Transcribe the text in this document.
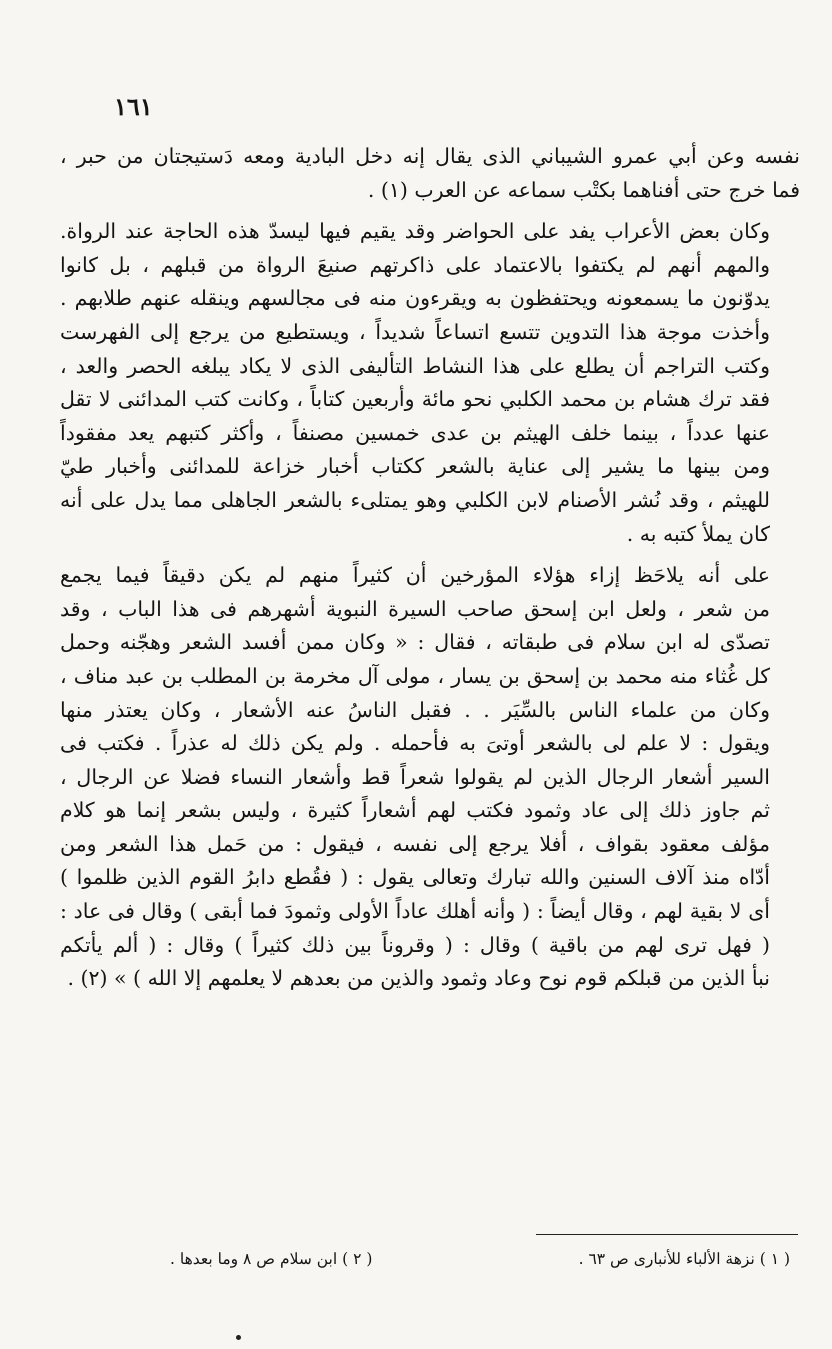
١٦١
نفسه وعن أبي عمرو الشيباني الذى يقال إنه دخل البادية ومعه دَستيجتان من حبر ،
فما خرج حتى أفناهما بكتْب سماعه عن العرب (١) .
وكان بعض الأعراب يفد على الحواضر وقد يقيم فيها ليسدّ هذه الحاجة عند الرواة.
والمهم أنهم لم يكتفوا بالاعتماد على ذاكرتهم صنيعَ الرواة من قبلهم ، بل كانوا
يدوّنون ما يسمعونه ويحتفظون به ويقرءون منه فى مجالسهم وينقله عنهم طلابهم .
وأخذت موجة هذا التدوين تتسع اتساعاً شديداً ، ويستطيع من يرجع إلى الفهرست
وكتب التراجم أن يطلع على هذا النشاط التأليفى الذى لا يكاد يبلغه الحصر والعد ،
فقد ترك هشام بن محمد الكلبي نحو مائة وأربعين كتاباً ، وكانت كتب المدائنى لا تقل
عنها عدداً ، بينما خلف الهيثم بن عدى خمسين مصنفاً ، وأكثر كتبهم يعد مفقوداً
ومن بينها ما يشير إلى عناية بالشعر ككتاب أخبار خزاعة للمدائنى وأخبار طيّ
للهيثم ، وقد نُشر الأصنام لابن الكلبي وهو يمتلىء بالشعر الجاهلى مما يدل على أنه
كان يملأ كتبه به .
على أنه يلاحَظ إزاء هؤلاء المؤرخين أن كثيراً منهم لم يكن دقيقاً فيما يجمع
من شعر ، ولعل ابن إسحق صاحب السيرة النبوية أشهرهم فى هذا الباب ، وقد
تصدّى له ابن سلام فى طبقاته ، فقال : « وكان ممن أفسد الشعر وهجّنه وحمل
كل غُثاء منه محمد بن إسحق بن يسار ، مولى آل مخرمة بن المطلب بن عبد مناف ،
وكان من علماء الناس بالسِّيَر . . فقبل الناسُ عنه الأشعار ، وكان يعتذر منها
ويقول : لا علم لى بالشعر أوتىَ به فأحمله . ولم يكن ذلك له عذراً . فكتب فى
السير أشعار الرجال الذين لم يقولوا شعراً قط وأشعار النساء فضلا عن الرجال ،
ثم جاوز ذلك إلى عاد وثمود فكتب لهم أشعاراً كثيرة ، وليس بشعر إنما هو كلام
مؤلف معقود بقواف ، أفلا يرجع إلى نفسه ، فيقول : من حَمل هذا الشعر ومن
أدّاه منذ آلاف السنين والله تبارك وتعالى يقول : ( فقُطع دابرُ القوم الذين ظلموا )
أى لا بقية لهم ، وقال أيضاً : ( وأنه أهلك عاداً الأولى وثمودَ فما أبقى ) وقال فى عاد :
( فهل ترى لهم من باقية ) وقال : ( وقروناً بين ذلك كثيراً ) وقال : ( ألم يأتكم
نبأ الذين من قبلكم قوم نوح وعاد وثمود والذين من بعدهم لا يعلمهم إلا الله ) » (٢) .
( ١ ) نزهة الألباء للأنبارى ص ٦٣ .
( ٢ ) ابن سلام ص ٨ وما بعدها .
